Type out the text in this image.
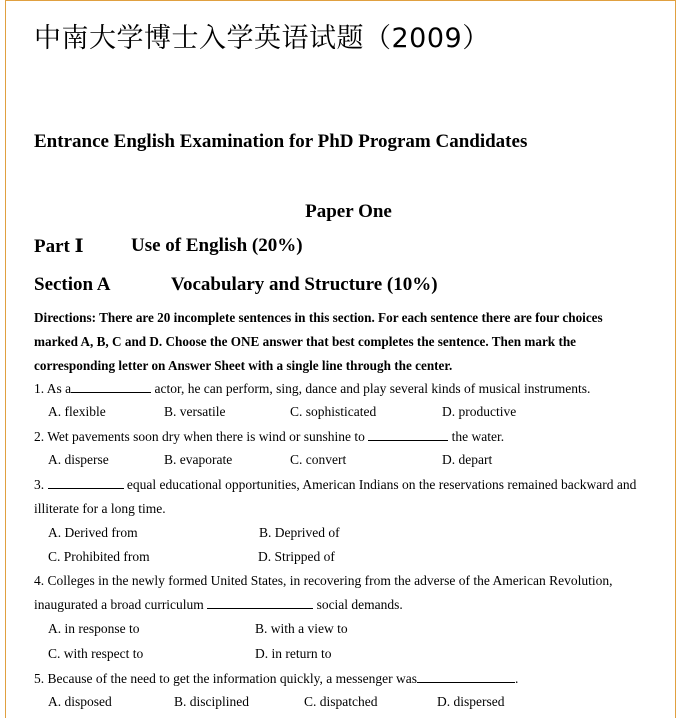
中南大学博士入学英语试题（2009）
Entrance English Examination for PhD Program Candidates
Paper One
Part Ⅰ Use of English (20%)
Section A	Vocabulary and Structure (10%)
Directions: There are 20 incomplete sentences in this section. For each sentence there are four choices marked A, B, C and D. Choose the ONE answer that best completes the sentence. Then mark the corresponding letter on Answer Sheet with a single line through the center.
1. As a	actor, he can perform, sing, dance and play several kinds of musical instruments.
A. flexible	B. versatile	C. sophisticated	D. productive
2. Wet pavements soon dry when there is wind or sunshine to	the water.
A. disperse	B. evaporate	C. convert	D. depart
3.	equal educational opportunities, American Indians on the reservations remained backward and illiterate for a long time.
A. Derived from	B. Deprived of
C. Prohibited from	D. Stripped of
4. Colleges in the newly formed United States, in recovering from the adverse of the American Revolution, inaugurated a broad curriculum	social demands.
A. in response to	B. with a view to
C. with respect to	D. in return to
5. Because of the need to get the information quickly, a messenger was	.
A. disposed	B. disciplined	C. dispatched	D. dispersed
